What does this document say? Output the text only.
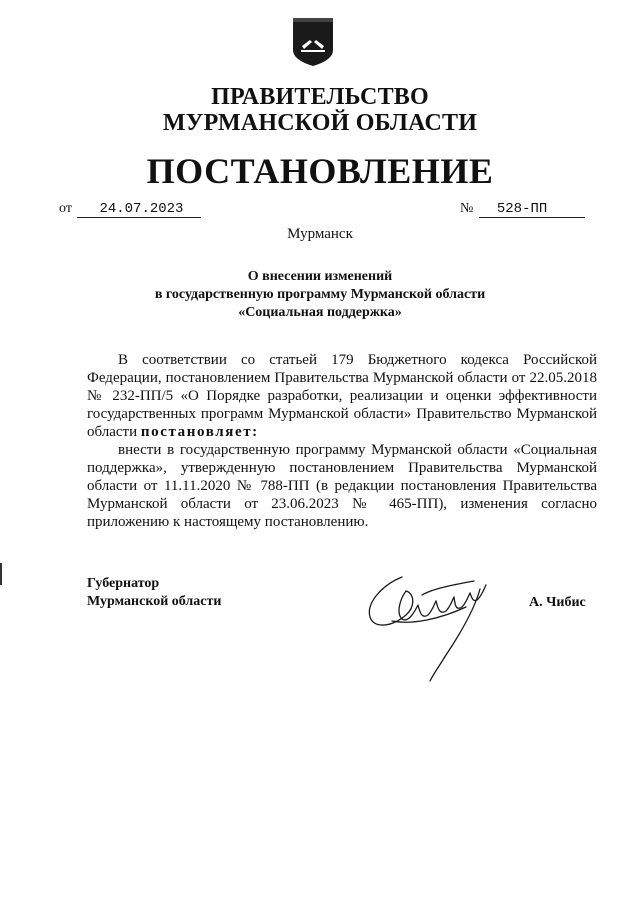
ПРАВИТЕЛЬСТВО
МУРМАНСКОЙ ОБЛАСТИ
ПОСТАНОВЛЕНИЕ
от 24.07.2023	№ 528-ПП
Мурманск
О внесении изменений
в государственную программу Мурманской области
«Социальная поддержка»

В соответствии со статьей 179 Бюджетного кодекса Российской Федерации, постановлением Правительства Мурманской области от 22.05.2018 № 232-ПП/5 «О Порядке разработки, реализации и оценки эффективности государственных программ Мурманской области» Правительство Мурманской области постановляет:

внести в государственную программу Мурманской области «Социальная поддержка», утвержденную постановлением Правительства Мурманской области от 11.11.2020 № 788-ПП (в редакции постановления Правительства Мурманской области от 23.06.2023 № 465-ПП), изменения согласно приложению к настоящему постановлению.

Губернатор
Мурманской области	А. Чибис
